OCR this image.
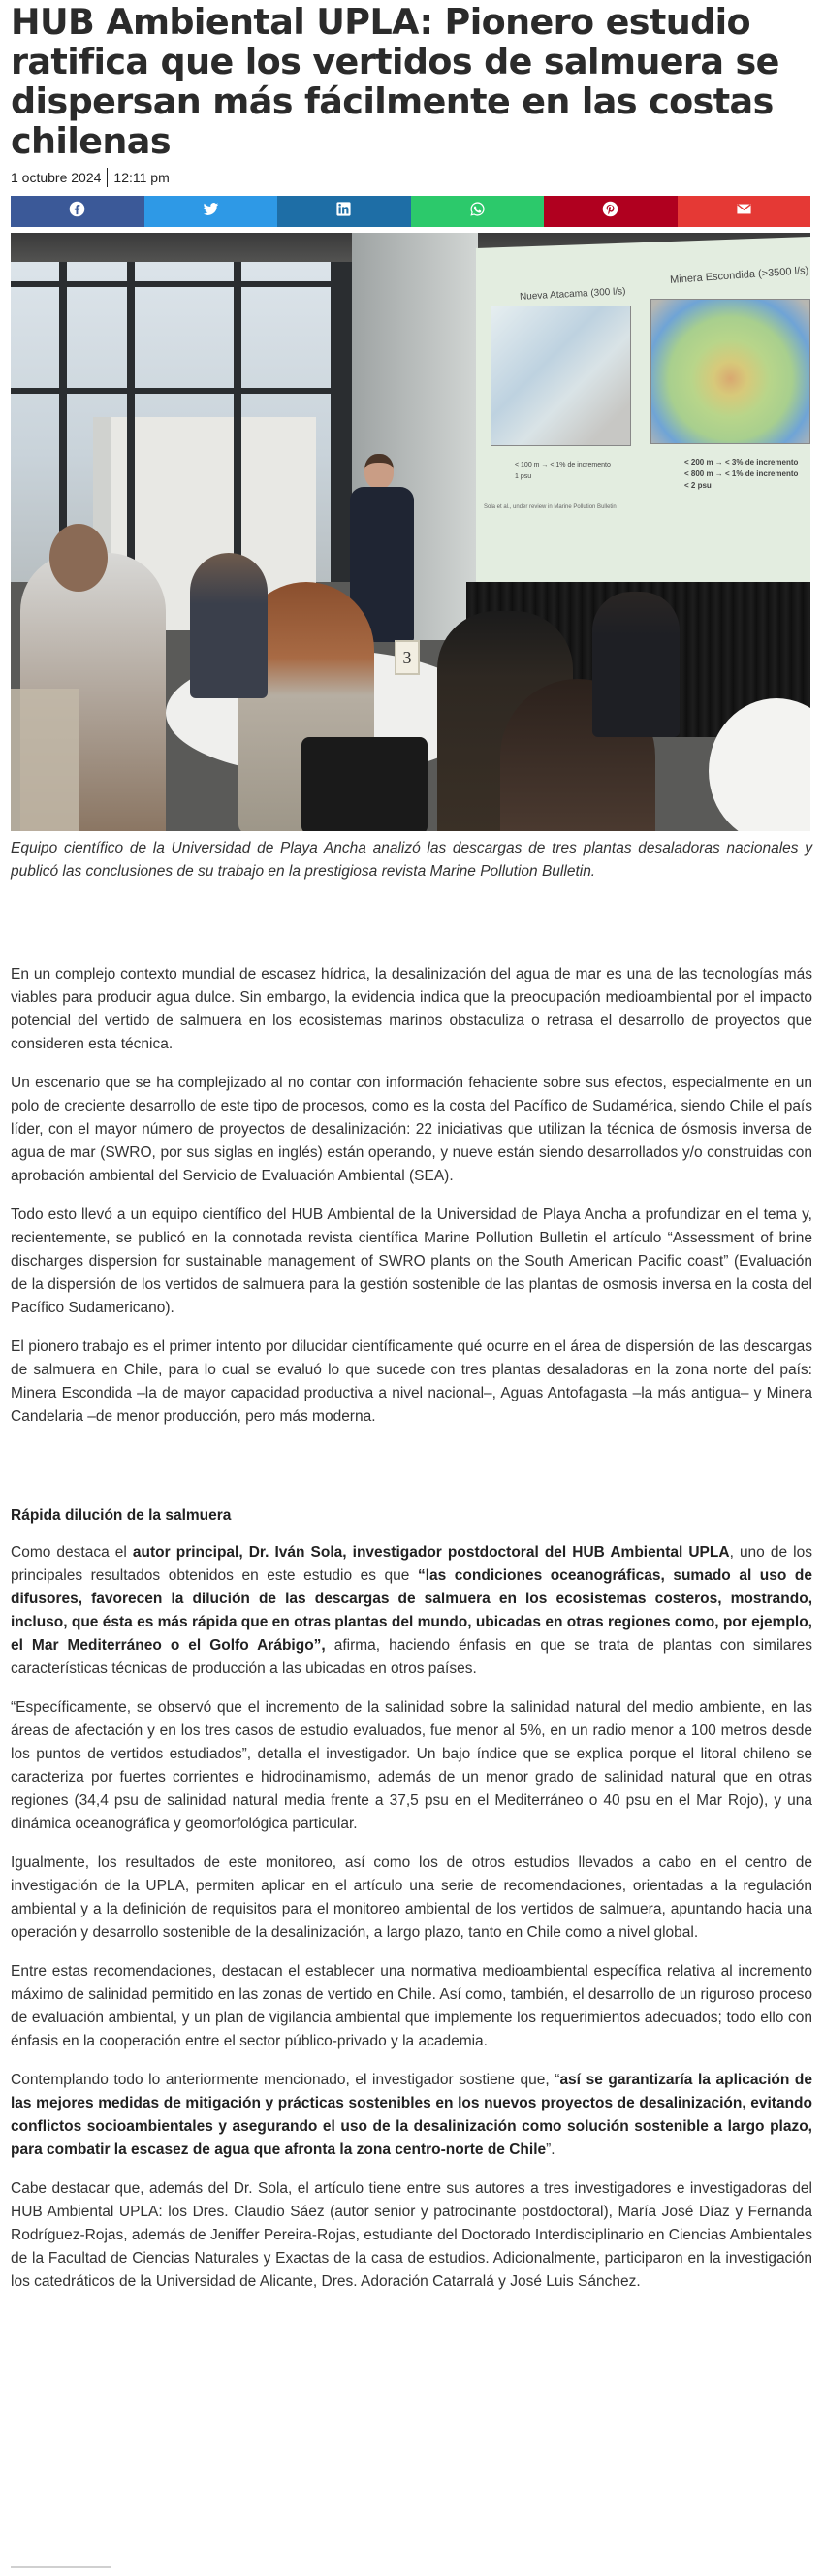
HUB Ambiental UPLA: Pionero estudio ratifica que los vertidos de salmuera se dispersan más fácilmente en las costas chilenas
1 octubre 2024 12:11 pm
Nueva Atacama (300 l/s)
Minera Escondida (>3500 l/s)
< 100 m → < 1% de incremento
1 psu
< 200 m → < 3% de incremento
< 800 m → < 1% de incremento
< 2 psu
Sola et al., under review in Marine Pollution Bulletin
3

Equipo científico de la Universidad de Playa Ancha analizó las descargas de tres plantas desaladoras nacionales y publicó las conclusiones de su trabajo en la prestigiosa revista Marine Pollution Bulletin.

En un complejo contexto mundial de escasez hídrica, la desalinización del agua de mar es una de las tecnologías más viables para producir agua dulce. Sin embargo, la evidencia indica que la preocupación medioambiental por el impacto potencial del vertido de salmuera en los ecosistemas marinos obstaculiza o retrasa el desarrollo de proyectos que consideren esta técnica.

Un escenario que se ha complejizado al no contar con información fehaciente sobre sus efectos, especialmente en un polo de creciente desarrollo de este tipo de procesos, como es la costa del Pacífico de Sudamérica, siendo Chile el país líder, con el mayor número de proyectos de desalinización: 22 iniciativas que utilizan la técnica de ósmosis inversa de agua de mar (SWRO, por sus siglas en inglés) están operando, y nueve están siendo desarrollados y/o construidas con aprobación ambiental del Servicio de Evaluación Ambiental (SEA).

Todo esto llevó a un equipo científico del HUB Ambiental de la Universidad de Playa Ancha a profundizar en el tema y, recientemente, se publicó en la connotada revista científica Marine Pollution Bulletin el artículo “Assessment of brine discharges dispersion for sustainable management of SWRO plants on the South American Pacific coast” (Evaluación de la dispersión de los vertidos de salmuera para la gestión sostenible de las plantas de osmosis inversa en la costa del Pacífico Sudamericano).

El pionero trabajo es el primer intento por dilucidar científicamente qué ocurre en el área de dispersión de las descargas de salmuera en Chile, para lo cual se evaluó lo que sucede con tres plantas desaladoras en la zona norte del país: Minera Escondida –la de mayor capacidad productiva a nivel nacional–, Aguas Antofagasta –la más antigua– y Minera Candelaria –de menor producción, pero más moderna.

Rápida dilución de la salmuera

Como destaca el autor principal, Dr. Iván Sola, investigador postdoctoral del HUB Ambiental UPLA, uno de los principales resultados obtenidos en este estudio es que “las condiciones oceanográficas, sumado al uso de difusores, favorecen la dilución de las descargas de salmuera en los ecosistemas costeros, mostrando, incluso, que ésta es más rápida que en otras plantas del mundo, ubicadas en otras regiones como, por ejemplo, el Mar Mediterráneo o el Golfo Arábigo”, afirma, haciendo énfasis en que se trata de plantas con similares características técnicas de producción a las ubicadas en otros países.

“Específicamente, se observó que el incremento de la salinidad sobre la salinidad natural del medio ambiente, en las áreas de afectación y en los tres casos de estudio evaluados, fue menor al 5%, en un radio menor a 100 metros desde los puntos de vertidos estudiados”, detalla el investigador. Un bajo índice que se explica porque el litoral chileno se caracteriza por fuertes corrientes e hidrodinamismo, además de un menor grado de salinidad natural que en otras regiones (34,4 psu de salinidad natural media frente a 37,5 psu en el Mediterráneo o 40 psu en el Mar Rojo), y una dinámica oceanográfica y geomorfológica particular.

Igualmente, los resultados de este monitoreo, así como los de otros estudios llevados a cabo en el centro de investigación de la UPLA, permiten aplicar en el artículo una serie de recomendaciones, orientadas a la regulación ambiental y a la definición de requisitos para el monitoreo ambiental de los vertidos de salmuera, apuntando hacia una operación y desarrollo sostenible de la desalinización, a largo plazo, tanto en Chile como a nivel global.

Entre estas recomendaciones, destacan el establecer una normativa medioambiental específica relativa al incremento máximo de salinidad permitido en las zonas de vertido en Chile. Así como, también, el desarrollo de un riguroso proceso de evaluación ambiental, y un plan de vigilancia ambiental que implemente los requerimientos adecuados; todo ello con énfasis en la cooperación entre el sector público-privado y la academia.

Contemplando todo lo anteriormente mencionado, el investigador sostiene que, “así se garantizaría la aplicación de las mejores medidas de mitigación y prácticas sostenibles en los nuevos proyectos de desalinización, evitando conflictos socioambientales y asegurando el uso de la desalinización como solución sostenible a largo plazo, para combatir la escasez de agua que afronta la zona centro-norte de Chile”.

Cabe destacar que, además del Dr. Sola, el artículo tiene entre sus autores a tres investigadores e investigadoras del HUB Ambiental UPLA: los Dres. Claudio Sáez (autor senior y patrocinante postdoctoral), María José Díaz y Fernanda Rodríguez-Rojas, además de Jeniffer Pereira-Rojas, estudiante del Doctorado Interdisciplinario en Ciencias Ambientales de la Facultad de Ciencias Naturales y Exactas de la casa de estudios. Adicionalmente, participaron en la investigación los catedráticos de la Universidad de Alicante, Dres. Adoración Catarralá y José Luis Sánchez.
